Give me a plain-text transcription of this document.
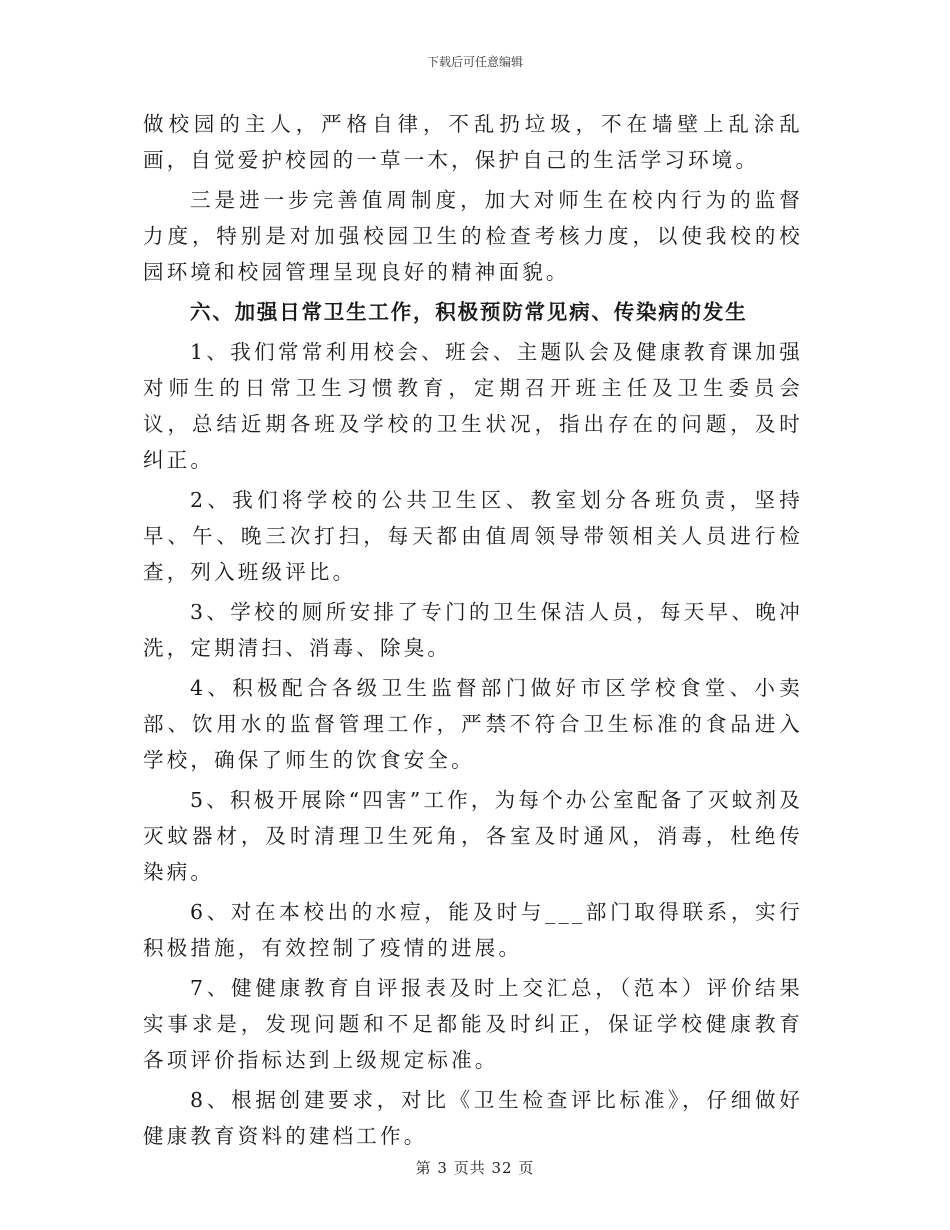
下载后可任意编辑

做校园的主人，严格自律，不乱扔垃圾，不在墙壁上乱涂乱画，自觉爱护校园的一草一木，保护自己的生活学习环境。

三是进一步完善值周制度，加大对师生在校内行为的监督力度，特别是对加强校园卫生的检查考核力度，以使我校的校园环境和校园管理呈现良好的精神面貌。

六、加强日常卫生工作，积极预防常见病、传染病的发生

1、我们常常利用校会、班会、主题队会及健康教育课加强对师生的日常卫生习惯教育，定期召开班主任及卫生委员会议，总结近期各班及学校的卫生状况，指出存在的问题，及时纠正。

2、我们将学校的公共卫生区、教室划分各班负责，坚持早、午、晚三次打扫，每天都由值周领导带领相关人员进行检查，列入班级评比。

3、学校的厕所安排了专门的卫生保洁人员，每天早、晚冲洗，定期清扫、消毒、除臭。

4、积极配合各级卫生监督部门做好市区学校食堂、小卖部、饮用水的监督管理工作，严禁不符合卫生标准的食品进入学校，确保了师生的饮食安全。

5、积极开展除“四害”工作，为每个办公室配备了灭蚊剂及灭蚊器材，及时清理卫生死角，各室及时通风，消毒，杜绝传染病。

6、对在本校出的水痘，能及时与___部门取得联系，实行积极措施，有效控制了疫情的进展。

7、健健康教育自评报表及时上交汇总，（范本）评价结果实事求是，发现问题和不足都能及时纠正，保证学校健康教育各项评价指标达到上级规定标准。

8、根据创建要求，对比《卫生检查评比标准》，仔细做好健康教育资料的建档工作。

第 3 页共 32 页
